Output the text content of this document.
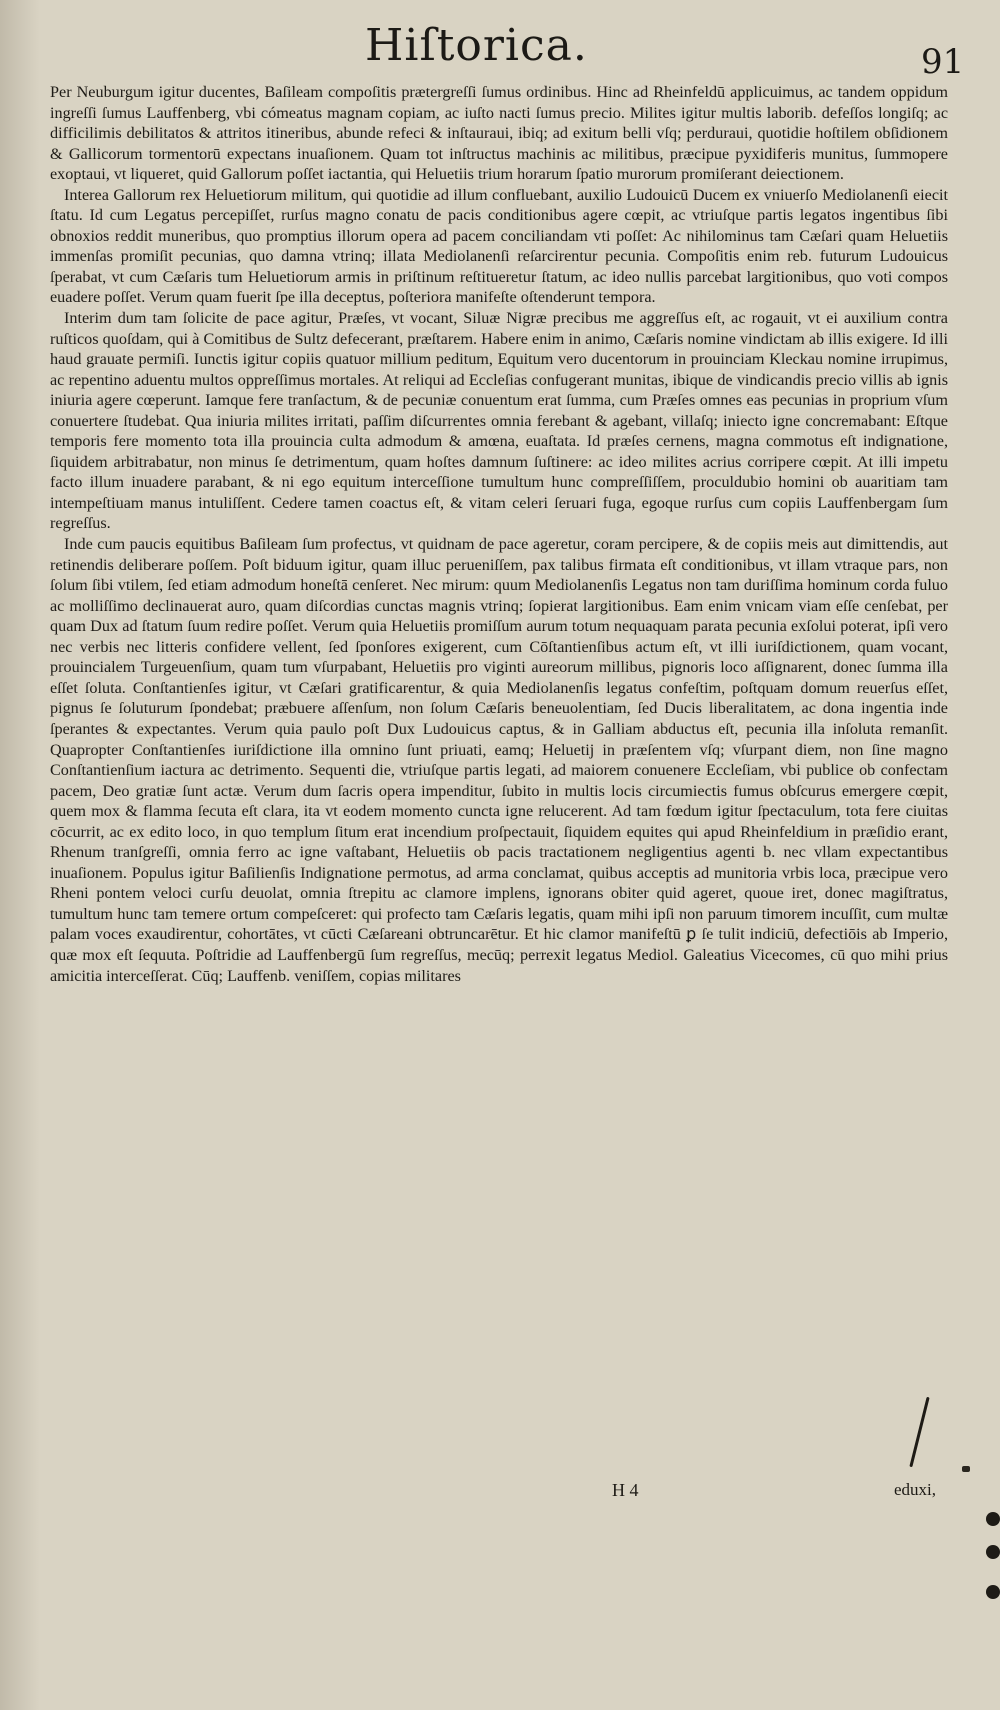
Hiſtorica.	91

Per Neuburgum igitur ducentes, Baſileam compoſitis prætergreſſi ſumus ordinibus. Hinc ad Rheinfeldū applicuimus, ac tandem oppidum ingreſſi ſumus Lauffenberg, vbi cómeatus magnam copiam, ac iuſto nacti ſumus precio. Milites igitur multis laborib. defeſſos longiſq; ac difficilimis debilitatos & attritos itineribus, abunde refeci & inſtauraui, ibiq; ad exitum belli vſq; perduraui, quotidie hoſtilem obſidionem & Gallicorum tormentorū expectans inuaſionem. Quam tot inſtructus machinis ac militibus, præcipue pyxidiferis munitus, ſummopere exoptaui, vt liqueret, quid Gallorum poſſet iactantia, qui Heluetiis trium horarum ſpatio murorum promiſerant deiectionem.

Interea Gallorum rex Heluetiorum militum, qui quotidie ad illum confluebant, auxilio Ludouicū Ducem ex vniuerſo Mediolanenſi eiecit ſtatu. Id cum Legatus percepiſſet, rurſus magno conatu de pacis conditionibus agere cœpit, ac vtriuſque partis legatos ingentibus ſibi obnoxios reddit muneribus, quo promptius illorum opera ad pacem conciliandam vti poſſet: Ac nihilominus tam Cæſari quam Heluetiis immenſas promiſit pecunias, quo damna vtrinq; illata Mediolanenſi reſarcirentur pecunia. Compoſitis enim reb. futurum Ludouicus ſperabat, vt cum Cæſaris tum Heluetiorum armis in priſtinum reſtitueretur ſtatum, ac ideo nullis parcebat largitionibus, quo voti compos euadere poſſet. Verum quam fuerit ſpe illa deceptus, poſteriora manifeſte oſtenderunt tempora.

Interim dum tam ſolicite de pace agitur, Præſes, vt vocant, Siluæ Nigræ precibus me aggreſſus eſt, ac rogauit, vt ei auxilium contra ruſticos quoſdam, qui à Comitibus de Sultz defecerant, præſtarem. Habere enim in animo, Cæſaris nomine vindictam ab illis exigere. Id illi haud grauate permiſi. Iunctis igitur copiis quatuor millium peditum, Equitum vero ducentorum in prouinciam Kleckau nomine irrupimus, ac repentino aduentu multos oppreſſimus mortales. At reliqui ad Eccleſias confugerant munitas, ibique de vindicandis precio villis ab ignis iniuria agere cœperunt. Iamque fere tranſactum, & de pecuniæ conuentum erat ſumma, cum Præſes omnes eas pecunias in proprium vſum conuertere ſtudebat. Qua iniuria milites irritati, paſſim diſcurrentes omnia ferebant & agebant, villaſq; iniecto igne concremabant: Eſtque temporis fere momento tota illa prouincia culta admodum & amœna, euaſtata. Id præſes cernens, magna commotus eſt indignatione, ſiquidem arbitrabatur, non minus ſe detrimentum, quam hoſtes damnum ſuſtinere: ac ideo milites acrius corripere cœpit. At illi impetu facto illum inuadere parabant, & ni ego equitum interceſſione tumultum hunc compreſſiſſem, proculdubio homini ob auaritiam tam intempeſtiuam manus intuliſſent. Cedere tamen coactus eſt, & vitam celeri ſeruari fuga, egoque rurſus cum copiis Lauffenbergam ſum regreſſus.

Inde cum paucis equitibus Baſileam ſum profectus, vt quidnam de pace ageretur, coram percipere, & de copiis meis aut dimittendis, aut retinendis deliberare poſſem. Poſt biduum igitur, quam illuc perueniſſem, pax talibus firmata eſt conditionibus, vt illam vtraque pars, non ſolum ſibi vtilem, ſed etiam admodum honeſtā cenſeret. Nec mirum: quum Mediolanenſis Legatus non tam duriſſima hominum corda fuluo ac molliſſimo declinauerat auro, quam diſcordias cunctas magnis vtrinq; ſopierat largitionibus. Eam enim vnicam viam eſſe cenſebat, per quam Dux ad ſtatum ſuum redire poſſet. Verum quia Heluetiis promiſſum aurum totum nequaquam parata pecunia exſolui poterat, ipſi vero nec verbis nec litteris confidere vellent, ſed ſponſores exigerent, cum Cōſtantienſibus actum eſt, vt illi iuriſdictionem, quam vocant, prouincialem Turgeuenſium, quam tum vſurpabant, Heluetiis pro viginti aureorum millibus, pignoris loco aſſignarent, donec ſumma illa eſſet ſoluta. Conſtantienſes igitur, vt Cæſari gratificarentur, & quia Mediolanenſis legatus confeſtim, poſtquam domum reuerſus eſſet, pignus ſe ſoluturum ſpondebat; præbuere aſſenſum, non ſolum Cæſaris beneuolentiam, ſed Ducis liberalitatem, ac dona ingentia inde ſperantes & expectantes. Verum quia paulo poſt Dux Ludouicus captus, & in Galliam abductus eſt, pecunia illa inſoluta remanſit. Quapropter Conſtantienſes iuriſdictione illa omnino ſunt priuati, eamq; Heluetij in præſentem vſq; vſurpant diem, non ſine magno Conſtantienſium iactura ac detrimento. Sequenti die, vtriuſque partis legati, ad maiorem conuenere Eccleſiam, vbi publice ob confectam pacem, Deo gratiæ ſunt actæ. Verum dum ſacris opera impenditur, ſubito in multis locis circumiectis fumus obſcurus emergere cœpit, quem mox & flamma ſecuta eſt clara, ita vt eodem momento cuncta igne relucerent. Ad tam fœdum igitur ſpectaculum, tota fere ciuitas cōcurrit, ac ex edito loco, in quo templum ſitum erat incendium proſpectauit, ſiquidem equites qui apud Rheinfeldium in præſidio erant, Rhenum tranſgreſſi, omnia ferro ac igne vaſtabant, Heluetiis ob pacis tractationem negligentius agenti b. nec vllam expectantibus inuaſionem. Populus igitur Baſilienſis Indignatione permotus, ad arma conclamat, quibus acceptis ad munitoria vrbis loca, præcipue vero Rheni pontem veloci curſu deuolat, omnia ſtrepitu ac clamore implens, ignorans obiter quid ageret, quoue iret, donec magiſtratus, tumultum hunc tam temere ortum compeſceret: qui profecto tam Cæſaris legatis, quam mihi ipſi non paruum timorem incuſſit, cum multæ palam voces exaudirentur, cohortātes, vt cūcti Cæſareani obtruncarētur. Et hic clamor manifeſtū ꝑ ſe tulit indiciū, defectiōis ab Imperio, quæ mox eſt ſequuta. Poſtridie ad Lauffenbergū ſum regreſſus, mecūq; perrexit legatus Mediol. Galeatius Vicecomes, cū quo mihi prius amicitia interceſſerat. Cūq; Lauffenb. veniſſem, copias militares

H 4	eduxi,
